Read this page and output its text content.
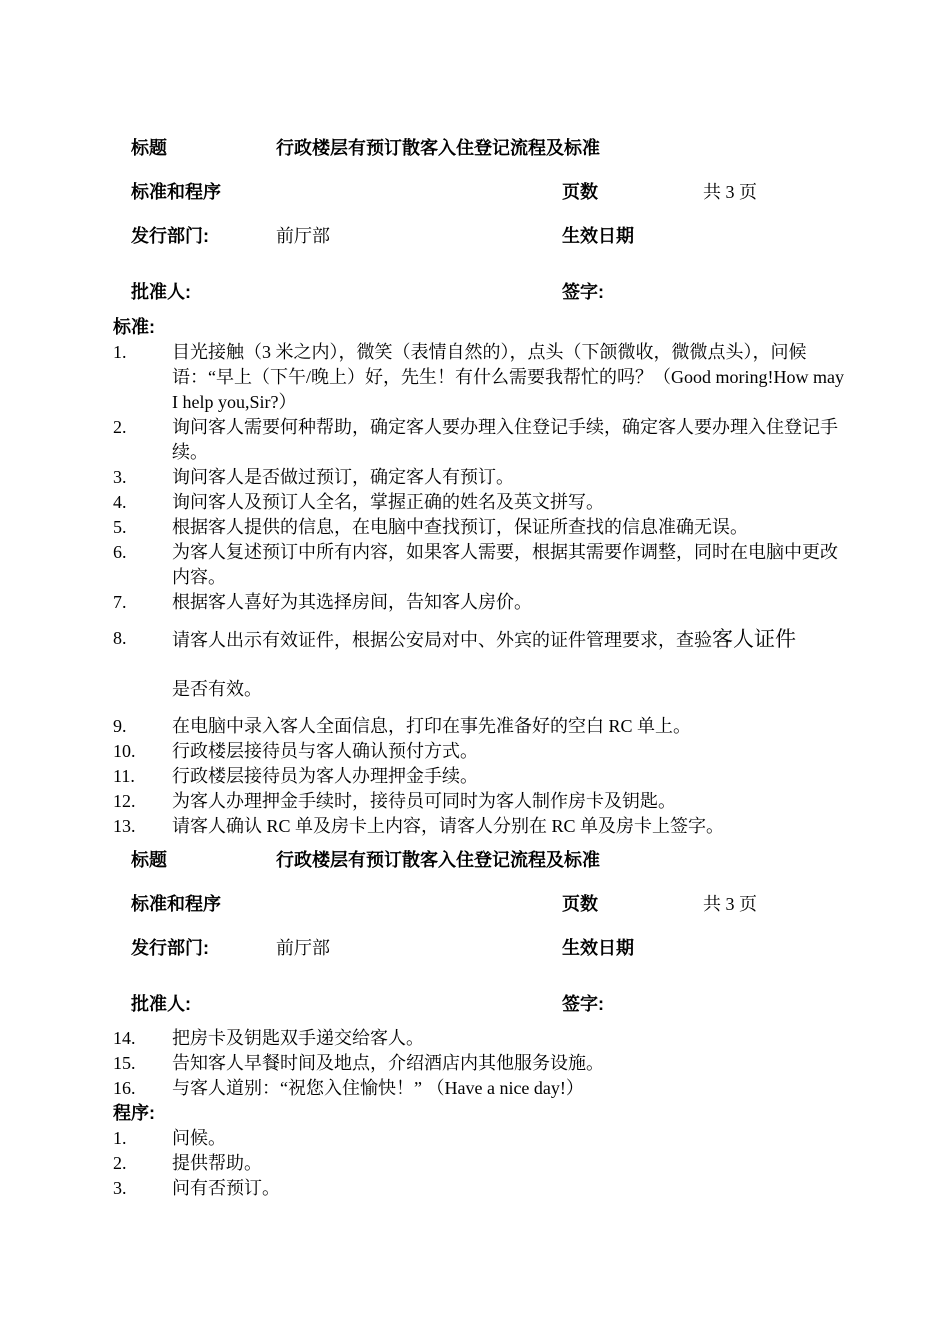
标题	行政楼层有预订散客入住登记流程及标准
标准和程序	页数	共 3 页
发行部门:	前厅部	生效日期
批准人:	签字:
标准:
1.	目光接触（3 米之内），微笑（表情自然的），点头（下颌微收，微微点头），问候语：“早上（下午/晚上）好，先生！有什么需要我帮忙的吗？（Good moring!How may I help you,Sir?）
2.	询问客人需要何种帮助，确定客人要办理入住登记手续，确定客人要办理入住登记手续。
3.	询问客人是否做过预订，确定客人有预订。
4.	询问客人及预订人全名，掌握正确的姓名及英文拼写。
5.	根据客人提供的信息，在电脑中查找预订，保证所查找的信息准确无误。
6.	为客人复述预订中所有内容，如果客人需要，根据其需要作调整，同时在电脑中更改内容。
7.	根据客人喜好为其选择房间，告知客人房价。
8.	请客人出示有效证件，根据公安局对中、外宾的证件管理要求，查验客人证件
是否有效。
9.	在电脑中录入客人全面信息，打印在事先准备好的空白 RC 单上。
10.	行政楼层接待员与客人确认预付方式。
11.	行政楼层接待员为客人办理押金手续。
12.	为客人办理押金手续时，接待员可同时为客人制作房卡及钥匙。
13.	请客人确认 RC 单及房卡上内容，请客人分别在 RC 单及房卡上签字。
标题	行政楼层有预订散客入住登记流程及标准
标准和程序	页数	共 3 页
发行部门:	前厅部	生效日期
批准人:	签字:
14.	把房卡及钥匙双手递交给客人。
15.	告知客人早餐时间及地点，介绍酒店内其他服务设施。
16.	与客人道别：“祝您入住愉快！” （Have a nice day!）
程序:
1.	问候。
2.	提供帮助。
3.	问有否预订。
